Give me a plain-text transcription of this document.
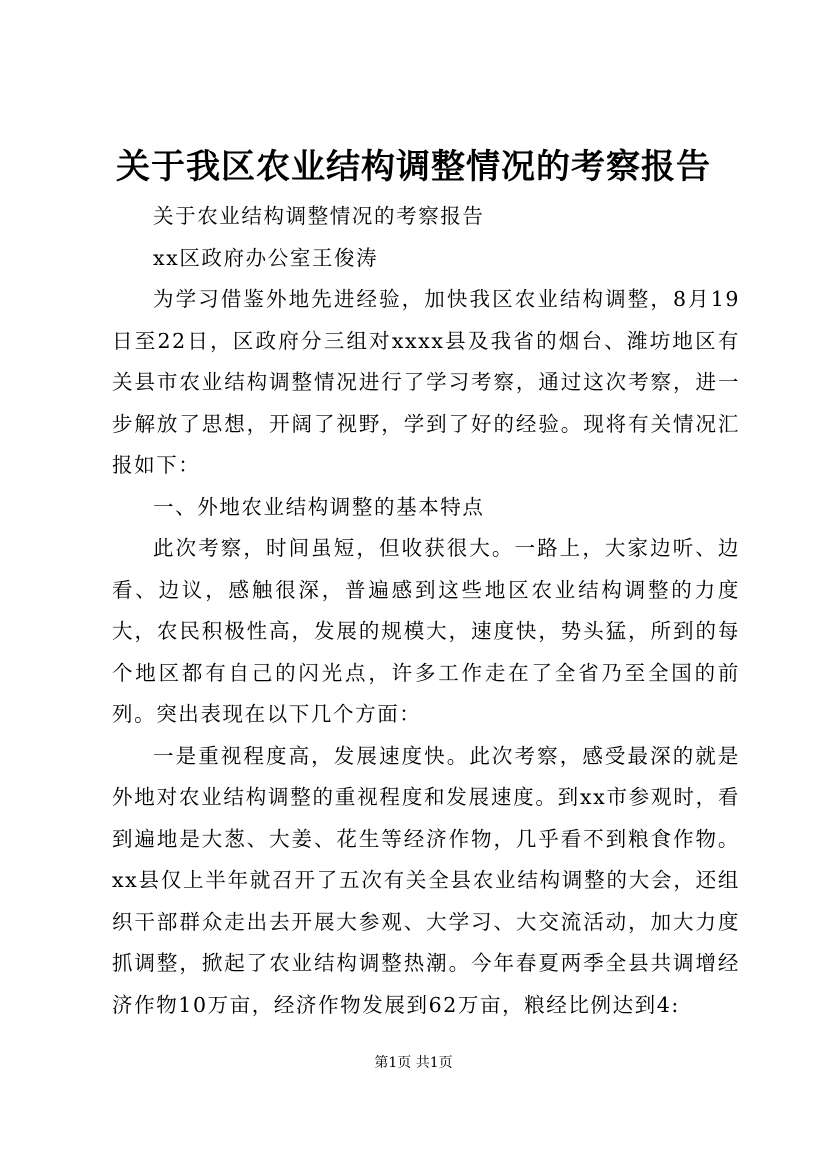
关于我区农业结构调整情况的考察报告

关于农业结构调整情况的考察报告

xx区政府办公室王俊涛

为学习借鉴外地先进经验，加快我区农业结构调整，8月19日至22日，区政府分三组对xxxx县及我省的烟台、潍坊地区有关县市农业结构调整情况进行了学习考察，通过这次考察，进一步解放了思想，开阔了视野，学到了好的经验。现将有关情况汇报如下：

一、外地农业结构调整的基本特点

此次考察，时间虽短，但收获很大。一路上，大家边听、边看、边议，感触很深，普遍感到这些地区农业结构调整的力度大，农民积极性高，发展的规模大，速度快，势头猛，所到的每个地区都有自己的闪光点，许多工作走在了全省乃至全国的前列。突出表现在以下几个方面：

一是重视程度高，发展速度快。此次考察，感受最深的就是外地对农业结构调整的重视程度和发展速度。到xx市参观时，看到遍地是大葱、大姜、花生等经济作物，几乎看不到粮食作物。xx县仅上半年就召开了五次有关全县农业结构调整的大会，还组织干部群众走出去开展大参观、大学习、大交流活动，加大力度抓调整，掀起了农业结构调整热潮。今年春夏两季全县共调增经济作物10万亩，经济作物发展到62万亩，粮经比例达到4:

第1页 共1页
